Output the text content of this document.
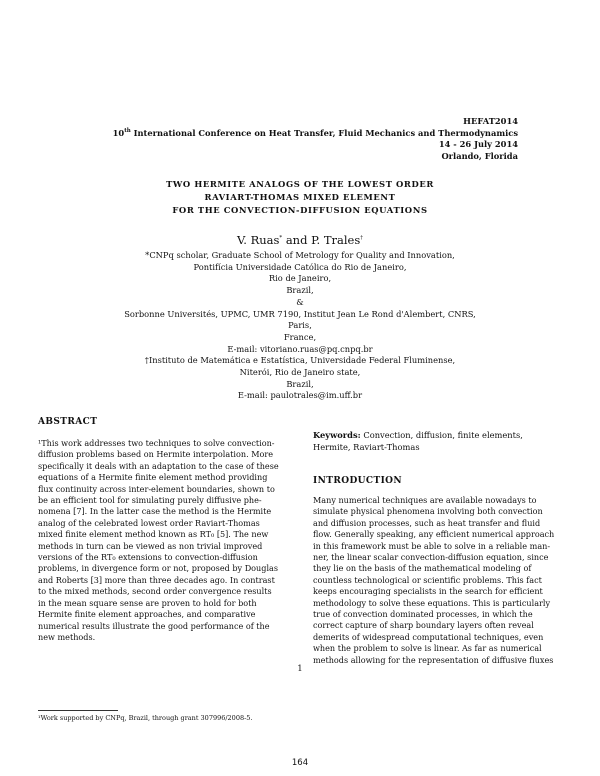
HEFAT2014
10th International Conference on Heat Transfer, Fluid Mechanics and Thermodynamics
14 - 26 July 2014
Orlando, Florida
TWO HERMITE ANALOGS OF THE LOWEST ORDER
RAVIART-THOMAS MIXED ELEMENT
FOR THE CONVECTION-DIFFUSION EQUATIONS
V. Ruas* and P. Trales†
*CNPq scholar, Graduate School of Metrology for Quality and Innovation,
Pontifícia Universidade Católica do Rio de Janeiro,
Rio de Janeiro,
Brazil,
&
Sorbonne Universités, UPMC, UMR 7190, Institut Jean Le Rond d'Alembert, CNRS,
Paris,
France,
E-mail: vitoriano.ruas@pq.cnpq.br
†Instituto de Matemática e Estatística, Universidade Federal Fluminense,
Niterói, Rio de Janeiro state,
Brazil,
E-mail: paulotrales@im.uff.br
ABSTRACT
¹This work addresses two techniques to solve convection-
diffusion problems based on Hermite interpolation. More
specifically it deals with an adaptation to the case of these
equations of a Hermite finite element method providing
flux continuity across inter-element boundaries, shown to
be an efficient tool for simulating purely diffusive phe-
nomena [7]. In the latter case the method is the Hermite
analog of the celebrated lowest order Raviart-Thomas
mixed finite element method known as RT₀ [5]. The new
methods in turn can be viewed as non trivial improved
versions of the RT₀ extensions to convection-diffusion
problems, in divergence form or not, proposed by Douglas
and Roberts [3] more than three decades ago. In contrast
to the mixed methods, second order convergence results
in the mean square sense are proven to hold for both
Hermite finite element approaches, and comparative
numerical results illustrate the good performance of the
new methods.
¹Work supported by CNPq, Brazil, through grant 307996/2008-5.
Keywords: Convection, diffusion, finite elements,
Hermite, Raviart-Thomas
INTRODUCTION
Many numerical techniques are available nowadays to
simulate physical phenomena involving both convection
and diffusion processes, such as heat transfer and fluid
flow. Generally speaking, any efficient numerical approach
in this framework must be able to solve in a reliable man-
ner, the linear scalar convection-diffusion equation, since
they lie on the basis of the mathematical modeling of
countless technological or scientific problems. This fact
keeps encouraging specialists in the search for efficient
methodology to solve these equations. This is particularly
true of convection dominated processes, in which the
correct capture of sharp boundary layers often reveal
demerits of widespread computational techniques, even
when the problem to solve is linear. As far as numerical
methods allowing for the representation of diffusive fluxes
1
164
